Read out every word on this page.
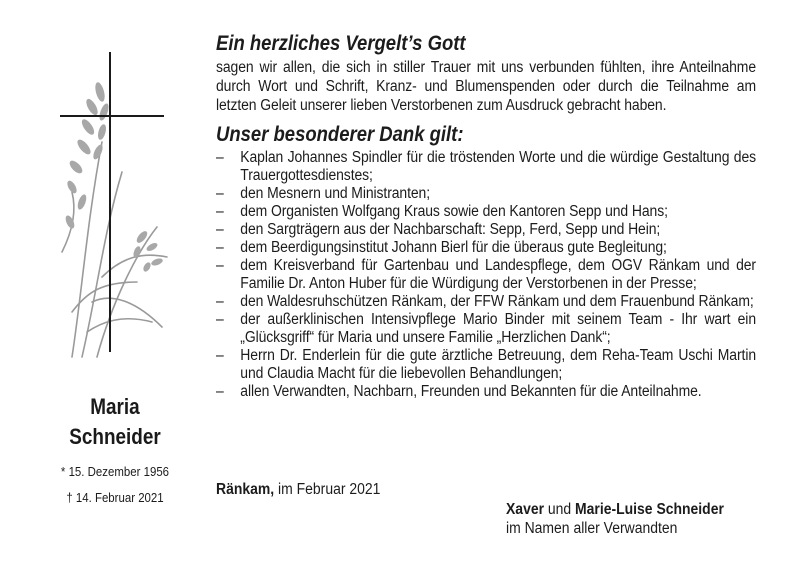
Maria
Schneider
* 15. Dezember 1956
† 14. Februar 2021
Ein herzliches Vergelt’s Gott

sagen wir allen, die sich in stiller Trauer mit uns verbunden fühlten, ihre Anteilnahme durch Wort und Schrift, Kranz- und Blumenspenden oder durch die Teilnahme am letzten Geleit unserer lieben Verstorbenen zum Ausdruck gebracht haben.

Unser besonderer Dank gilt:
– Kaplan Johannes Spindler für die tröstenden Worte und die würdige Gestaltung des Trauergottesdienstes;
– den Mesnern und Ministranten;
– dem Organisten Wolfgang Kraus sowie den Kantoren Sepp und Hans;
– den Sargträgern aus der Nachbarschaft: Sepp, Ferd, Sepp und Hein;
– dem Beerdigungsinstitut Johann Bierl für die überaus gute Begleitung;
– dem Kreisverband für Gartenbau und Landespflege, dem OGV Ränkam und der Familie Dr. Anton Huber für die Würdigung der Verstorbenen in der Presse;
– den Waldesruhschützen Ränkam, der FFW Ränkam und dem Frauenbund Ränkam;
– der außerklinischen Intensivpflege Mario Binder mit seinem Team - Ihr wart ein „Glücksgriff“ für Maria und unsere Familie „Herzlichen Dank“;
– Herrn Dr. Enderlein für die gute ärztliche Betreuung, dem Reha-Team Uschi Martin und Claudia Macht für die liebevollen Behandlungen;
– allen Verwandten, Nachbarn, Freunden und Bekannten für die Anteilnahme.
Ränkam, im Februar 2021
Xaver und Marie-Luise Schneider
im Namen aller Verwandten
